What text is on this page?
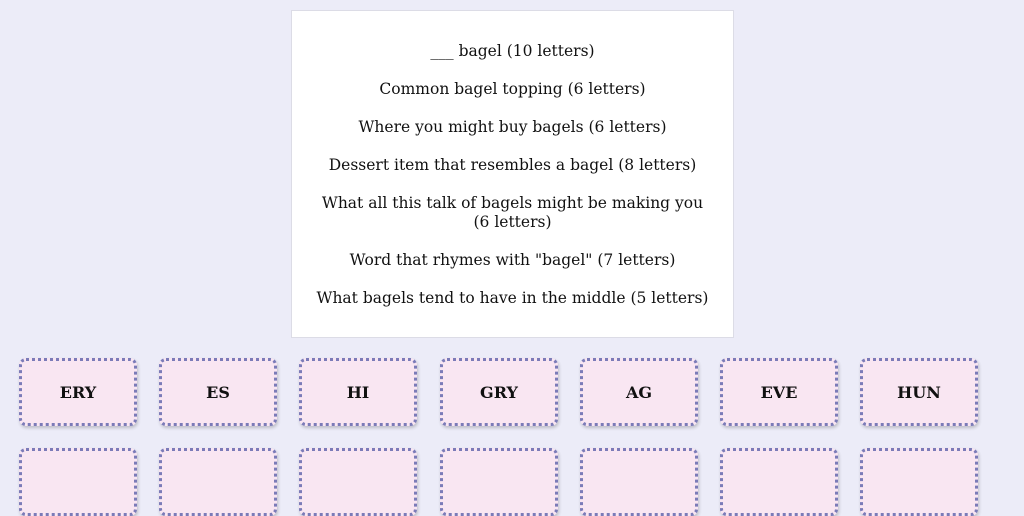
___ bagel (10 letters)

Common bagel topping (6 letters)

Where you might buy bagels (6 letters)

Dessert item that resembles a bagel (8 letters)

What all this talk of bagels might be making you (6 letters)

Word that rhymes with "bagel" (7 letters)

What bagels tend to have in the middle (5 letters)

ERY	ES	HI	GRY	AG	EVE	HUN
